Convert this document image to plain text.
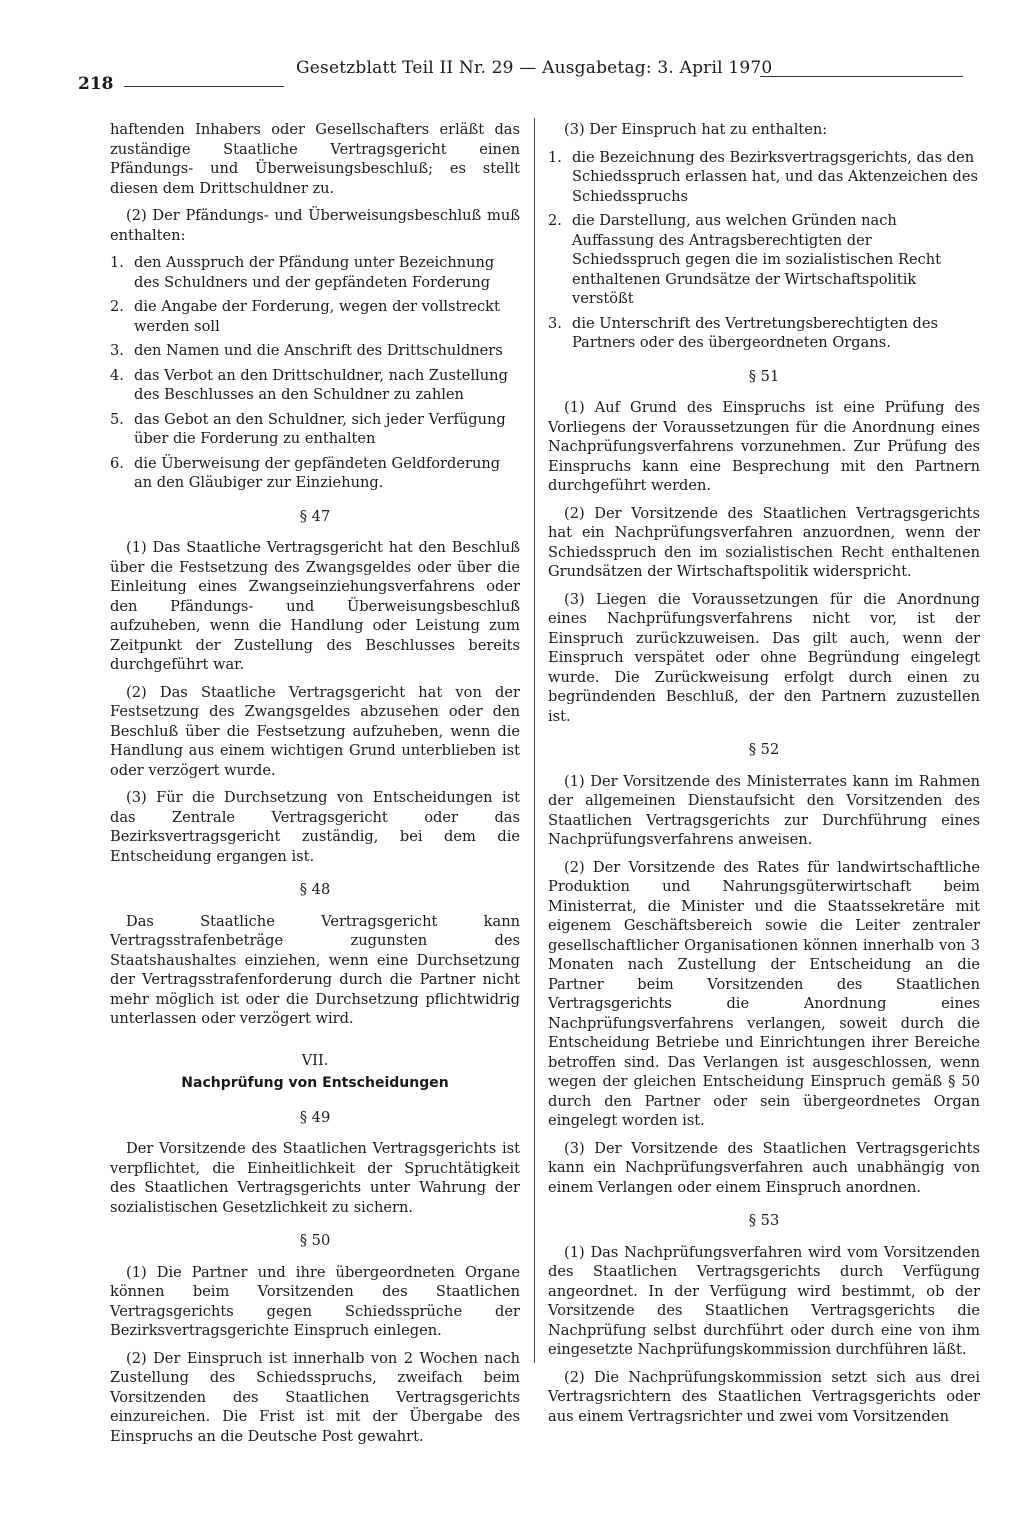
218
Gesetzblatt Teil II Nr. 29 — Ausgabetag: 3. April 1970

haftenden Inhabers oder Gesellschafters erläßt das zuständige Staatliche Vertragsgericht einen Pfändungs- und Überweisungsbeschluß; es stellt diesen dem Drittschuldner zu.

(2) Der Pfändungs- und Überweisungsbeschluß muß enthalten:

1. den Ausspruch der Pfändung unter Bezeichnung des Schuldners und der gepfändeten Forderung
2. die Angabe der Forderung, wegen der vollstreckt werden soll
3. den Namen und die Anschrift des Drittschuldners
4. das Verbot an den Drittschuldner, nach Zustellung des Beschlusses an den Schuldner zu zahlen
5. das Gebot an den Schuldner, sich jeder Verfügung über die Forderung zu enthalten
6. die Überweisung der gepfändeten Geldforderung an den Gläubiger zur Einziehung.
§ 47

(1) Das Staatliche Vertragsgericht hat den Beschluß über die Festsetzung des Zwangsgeldes oder über die Einleitung eines Zwangseinziehungsverfahrens oder den Pfändungs- und Überweisungsbeschluß aufzuheben, wenn die Handlung oder Leistung zum Zeitpunkt der Zustellung des Beschlusses bereits durchgeführt war.

(2) Das Staatliche Vertragsgericht hat von der Festsetzung des Zwangsgeldes abzusehen oder den Beschluß über die Festsetzung aufzuheben, wenn die Handlung aus einem wichtigen Grund unterblieben ist oder verzögert wurde.

(3) Für die Durchsetzung von Entscheidungen ist das Zentrale Vertragsgericht oder das Bezirksvertragsgericht zuständig, bei dem die Entscheidung ergangen ist.

§ 48

Das Staatliche Vertragsgericht kann Vertragsstrafenbeträge zugunsten des Staatshaushaltes einziehen, wenn eine Durchsetzung der Vertragsstrafenforderung durch die Partner nicht mehr möglich ist oder die Durchsetzung pflichtwidrig unterlassen oder verzögert wird.

VII.
Nachprüfung von Entscheidungen
§ 49

Der Vorsitzende des Staatlichen Vertragsgerichts ist verpflichtet, die Einheitlichkeit der Spruchtätigkeit des Staatlichen Vertragsgerichts unter Wahrung der sozialistischen Gesetzlichkeit zu sichern.

§ 50

(1) Die Partner und ihre übergeordneten Organe können beim Vorsitzenden des Staatlichen Vertragsgerichts gegen Schiedssprüche der Bezirksvertragsgerichte Einspruch einlegen.

(2) Der Einspruch ist innerhalb von 2 Wochen nach Zustellung des Schiedsspruchs, zweifach beim Vorsitzenden des Staatlichen Vertragsgerichts einzureichen. Die Frist ist mit der Übergabe des Einspruchs an die Deutsche Post gewahrt.

(3) Der Einspruch hat zu enthalten:

1. die Bezeichnung des Bezirksvertragsgerichts, das den Schiedsspruch erlassen hat, und das Aktenzeichen des Schiedsspruchs
2. die Darstellung, aus welchen Gründen nach Auffassung des Antragsberechtigten der Schiedsspruch gegen die im sozialistischen Recht enthaltenen Grundsätze der Wirtschaftspolitik verstößt
3. die Unterschrift des Vertretungsberechtigten des Partners oder des übergeordneten Organs.
§ 51

(1) Auf Grund des Einspruchs ist eine Prüfung des Vorliegens der Voraussetzungen für die Anordnung eines Nachprüfungsverfahrens vorzunehmen. Zur Prüfung des Einspruchs kann eine Besprechung mit den Partnern durchgeführt werden.

(2) Der Vorsitzende des Staatlichen Vertragsgerichts hat ein Nachprüfungsverfahren anzuordnen, wenn der Schiedsspruch den im sozialistischen Recht enthaltenen Grundsätzen der Wirtschaftspolitik widerspricht.

(3) Liegen die Voraussetzungen für die Anordnung eines Nachprüfungsverfahrens nicht vor, ist der Einspruch zurückzuweisen. Das gilt auch, wenn der Einspruch verspätet oder ohne Begründung eingelegt wurde. Die Zurückweisung erfolgt durch einen zu begründenden Beschluß, der den Partnern zuzustellen ist.

§ 52

(1) Der Vorsitzende des Ministerrates kann im Rahmen der allgemeinen Dienstaufsicht den Vorsitzenden des Staatlichen Vertragsgerichts zur Durchführung eines Nachprüfungsverfahrens anweisen.

(2) Der Vorsitzende des Rates für landwirtschaftliche Produktion und Nahrungsgüterwirtschaft beim Ministerrat, die Minister und die Staatssekretäre mit eigenem Geschäftsbereich sowie die Leiter zentraler gesellschaftlicher Organisationen können innerhalb von 3 Monaten nach Zustellung der Entscheidung an die Partner beim Vorsitzenden des Staatlichen Vertragsgerichts die Anordnung eines Nachprüfungsverfahrens verlangen, soweit durch die Entscheidung Betriebe und Einrichtungen ihrer Bereiche betroffen sind. Das Verlangen ist ausgeschlossen, wenn wegen der gleichen Entscheidung Einspruch gemäß § 50 durch den Partner oder sein übergeordnetes Organ eingelegt worden ist.

(3) Der Vorsitzende des Staatlichen Vertragsgerichts kann ein Nachprüfungsverfahren auch unabhängig von einem Verlangen oder einem Einspruch anordnen.

§ 53

(1) Das Nachprüfungsverfahren wird vom Vorsitzenden des Staatlichen Vertragsgerichts durch Verfügung angeordnet. In der Verfügung wird bestimmt, ob der Vorsitzende des Staatlichen Vertragsgerichts die Nachprüfung selbst durchführt oder durch eine von ihm eingesetzte Nachprüfungskommission durchführen läßt.

(2) Die Nachprüfungskommission setzt sich aus drei Vertragsrichtern des Staatlichen Vertragsgerichts oder aus einem Vertragsrichter und zwei vom Vorsitzenden
